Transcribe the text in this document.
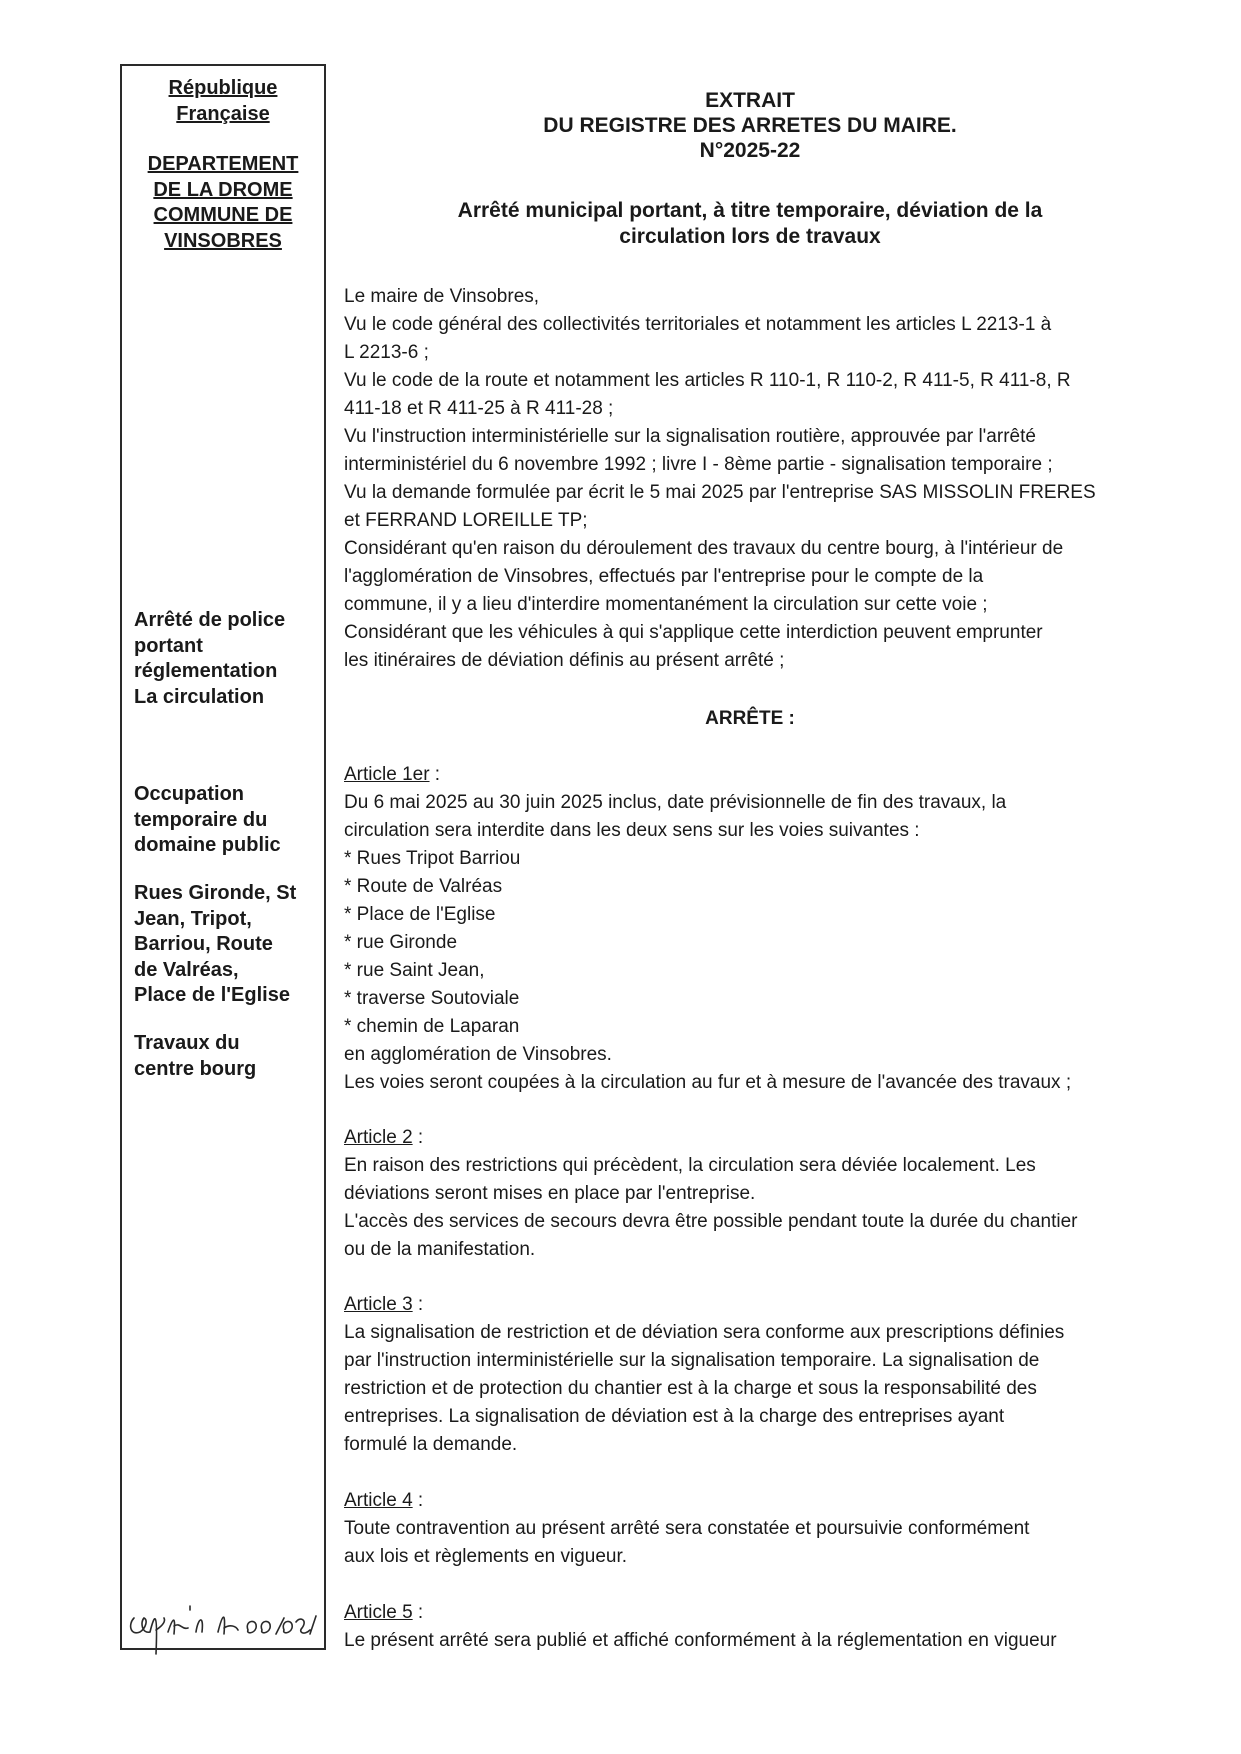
République
Française
DEPARTEMENT
DE LA DROME
COMMUNE DE
VINSOBRES
Arrêté de police
portant
réglementation
La circulation
Occupation
temporaire du
domaine public
Rues Gironde, St
Jean, Tripot,
Barriou, Route
de Valréas,
Place de l'Eglise
Travaux du
centre bourg
EXTRAIT
DU REGISTRE DES ARRETES DU MAIRE.
N°2025-22
Arrêté municipal portant, à titre temporaire, déviation de la
circulation lors de travaux

Le maire de Vinsobres,

Vu le code général des collectivités territoriales et notamment les articles L 2213-1 à

L 2213-6 ;

Vu le code de la route et notamment les articles R 110-1, R 110-2, R 411-5, R 411-8, R

411-18 et R 411-25 à R 411-28 ;

Vu l'instruction interministérielle sur la signalisation routière, approuvée par l'arrêté

interministériel du 6 novembre 1992 ; livre I - 8ème partie - signalisation temporaire ;

Vu la demande formulée par écrit le 5 mai 2025 par l'entreprise SAS MISSOLIN FRERES

et FERRAND LOREILLE TP;

Considérant qu'en raison du déroulement des travaux du centre bourg, à l'intérieur de

l'agglomération de Vinsobres, effectués par l'entreprise pour le compte de la

commune, il y a lieu d'interdire momentanément la circulation sur cette voie ;

Considérant que les véhicules à qui s'applique cette interdiction peuvent emprunter

les itinéraires de déviation définis au présent arrêté ;

ARRÊTE :

Article 1er :

Du 6 mai 2025 au 30 juin 2025 inclus, date prévisionnelle de fin des travaux, la

circulation sera interdite dans les deux sens sur les voies suivantes :

* Rues Tripot Barriou

* Route de Valréas

* Place de l'Eglise

* rue Gironde

* rue Saint Jean,

* traverse Soutoviale

* chemin de Laparan

en agglomération de Vinsobres.

Les voies seront coupées à la circulation au fur et à mesure de l'avancée des travaux ;

Article 2 :

En raison des restrictions qui précèdent, la circulation sera déviée localement. Les

déviations seront mises en place par l'entreprise.

L'accès des services de secours devra être possible pendant toute la durée du chantier

ou de la manifestation.

Article 3 :

La signalisation de restriction et de déviation sera conforme aux prescriptions définies

par l'instruction interministérielle sur la signalisation temporaire. La signalisation de

restriction et de protection du chantier est à la charge et sous la responsabilité des

entreprises. La signalisation de déviation est à la charge des entreprises ayant

formulé la demande.

Article 4 :

Toute contravention au présent arrêté sera constatée et poursuivie conformément

aux lois et règlements en vigueur.

Article 5 :

Le présent arrêté sera publié et affiché conformément à la réglementation en vigueur
